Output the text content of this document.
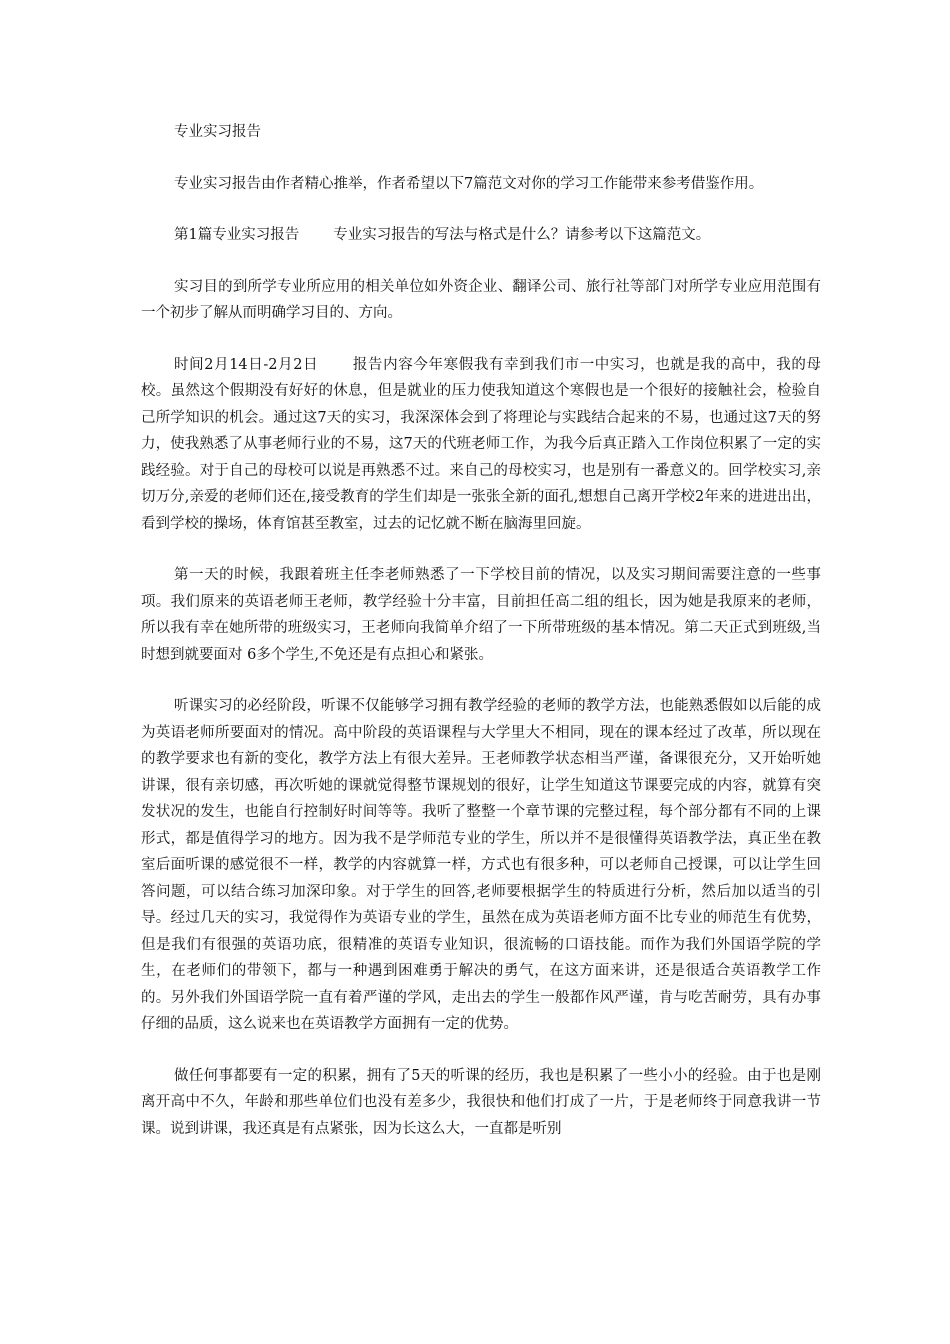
专业实习报告

专业实习报告由作者精心推举，作者希望以下7篇范文对你的学习工作能带来参考借鉴作用。

第1篇专业实习报告 专业实习报告的写法与格式是什么？请参考以下这篇范文。

实习目的到所学专业所应用的相关单位如外资企业、翻译公司、旅行社等部门对所学专业应用范围有一个初步了解从而明确学习目的、方向。

时间2月14日-2月2日 报告内容今年寒假我有幸到我们市一中实习，也就是我的高中，我的母校。虽然这个假期没有好好的休息，但是就业的压力使我知道这个寒假也是一个很好的接触社会，检验自己所学知识的机会。通过这7天的实习，我深深体会到了将理论与实践结合起来的不易，也通过这7天的努力，使我熟悉了从事老师行业的不易，这7天的代班老师工作，为我今后真正踏入工作岗位积累了一定的实践经验。对于自己的母校可以说是再熟悉不过。来自己的母校实习，也是别有一番意义的。回学校实习,亲切万分,亲爱的老师们还在,接受教育的学生们却是一张张全新的面孔,想想自己离开学校2年来的进进出出，看到学校的操场，体育馆甚至教室，过去的记忆就不断在脑海里回旋。

第一天的时候，我跟着班主任李老师熟悉了一下学校目前的情况，以及实习期间需要注意的一些事项。我们原来的英语老师王老师，教学经验十分丰富，目前担任高二组的组长，因为她是我原来的老师，所以我有幸在她所带的班级实习，王老师向我简单介绍了一下所带班级的基本情况。第二天正式到班级,当时想到就要面对 6多个学生,不免还是有点担心和紧张。

听课实习的必经阶段，听课不仅能够学习拥有教学经验的老师的教学方法，也能熟悉假如以后能的成为英语老师所要面对的情况。高中阶段的英语课程与大学里大不相同，现在的课本经过了改革，所以现在的教学要求也有新的变化，教学方法上有很大差异。王老师教学状态相当严谨，备课很充分，又开始听她讲课，很有亲切感，再次听她的课就觉得整节课规划的很好，让学生知道这节课要完成的内容，就算有突发状况的发生，也能自行控制好时间等等。我听了整整一个章节课的完整过程，每个部分都有不同的上课形式，都是值得学习的地方。因为我不是学师范专业的学生，所以并不是很懂得英语教学法，真正坐在教室后面听课的感觉很不一样，教学的内容就算一样，方式也有很多种，可以老师自己授课，可以让学生回答问题，可以结合练习加深印象。对于学生的回答,老师要根据学生的特质进行分析，然后加以适当的引导。经过几天的实习，我觉得作为英语专业的学生，虽然在成为英语老师方面不比专业的师范生有优势，但是我们有很强的英语功底，很精准的英语专业知识，很流畅的口语技能。而作为我们外国语学院的学生，在老师们的带领下，都与一种遇到困难勇于解决的勇气，在这方面来讲，还是很适合英语教学工作的。另外我们外国语学院一直有着严谨的学风，走出去的学生一般都作风严谨，肯与吃苦耐劳，具有办事仔细的品质，这么说来也在英语教学方面拥有一定的优势。

做任何事都要有一定的积累，拥有了5天的听课的经历，我也是积累了一些小小的经验。由于也是刚离开高中不久，年龄和那些单位们也没有差多少，我很快和他们打成了一片，于是老师终于同意我讲一节课。说到讲课，我还真是有点紧张，因为长这么大，一直都是听别
